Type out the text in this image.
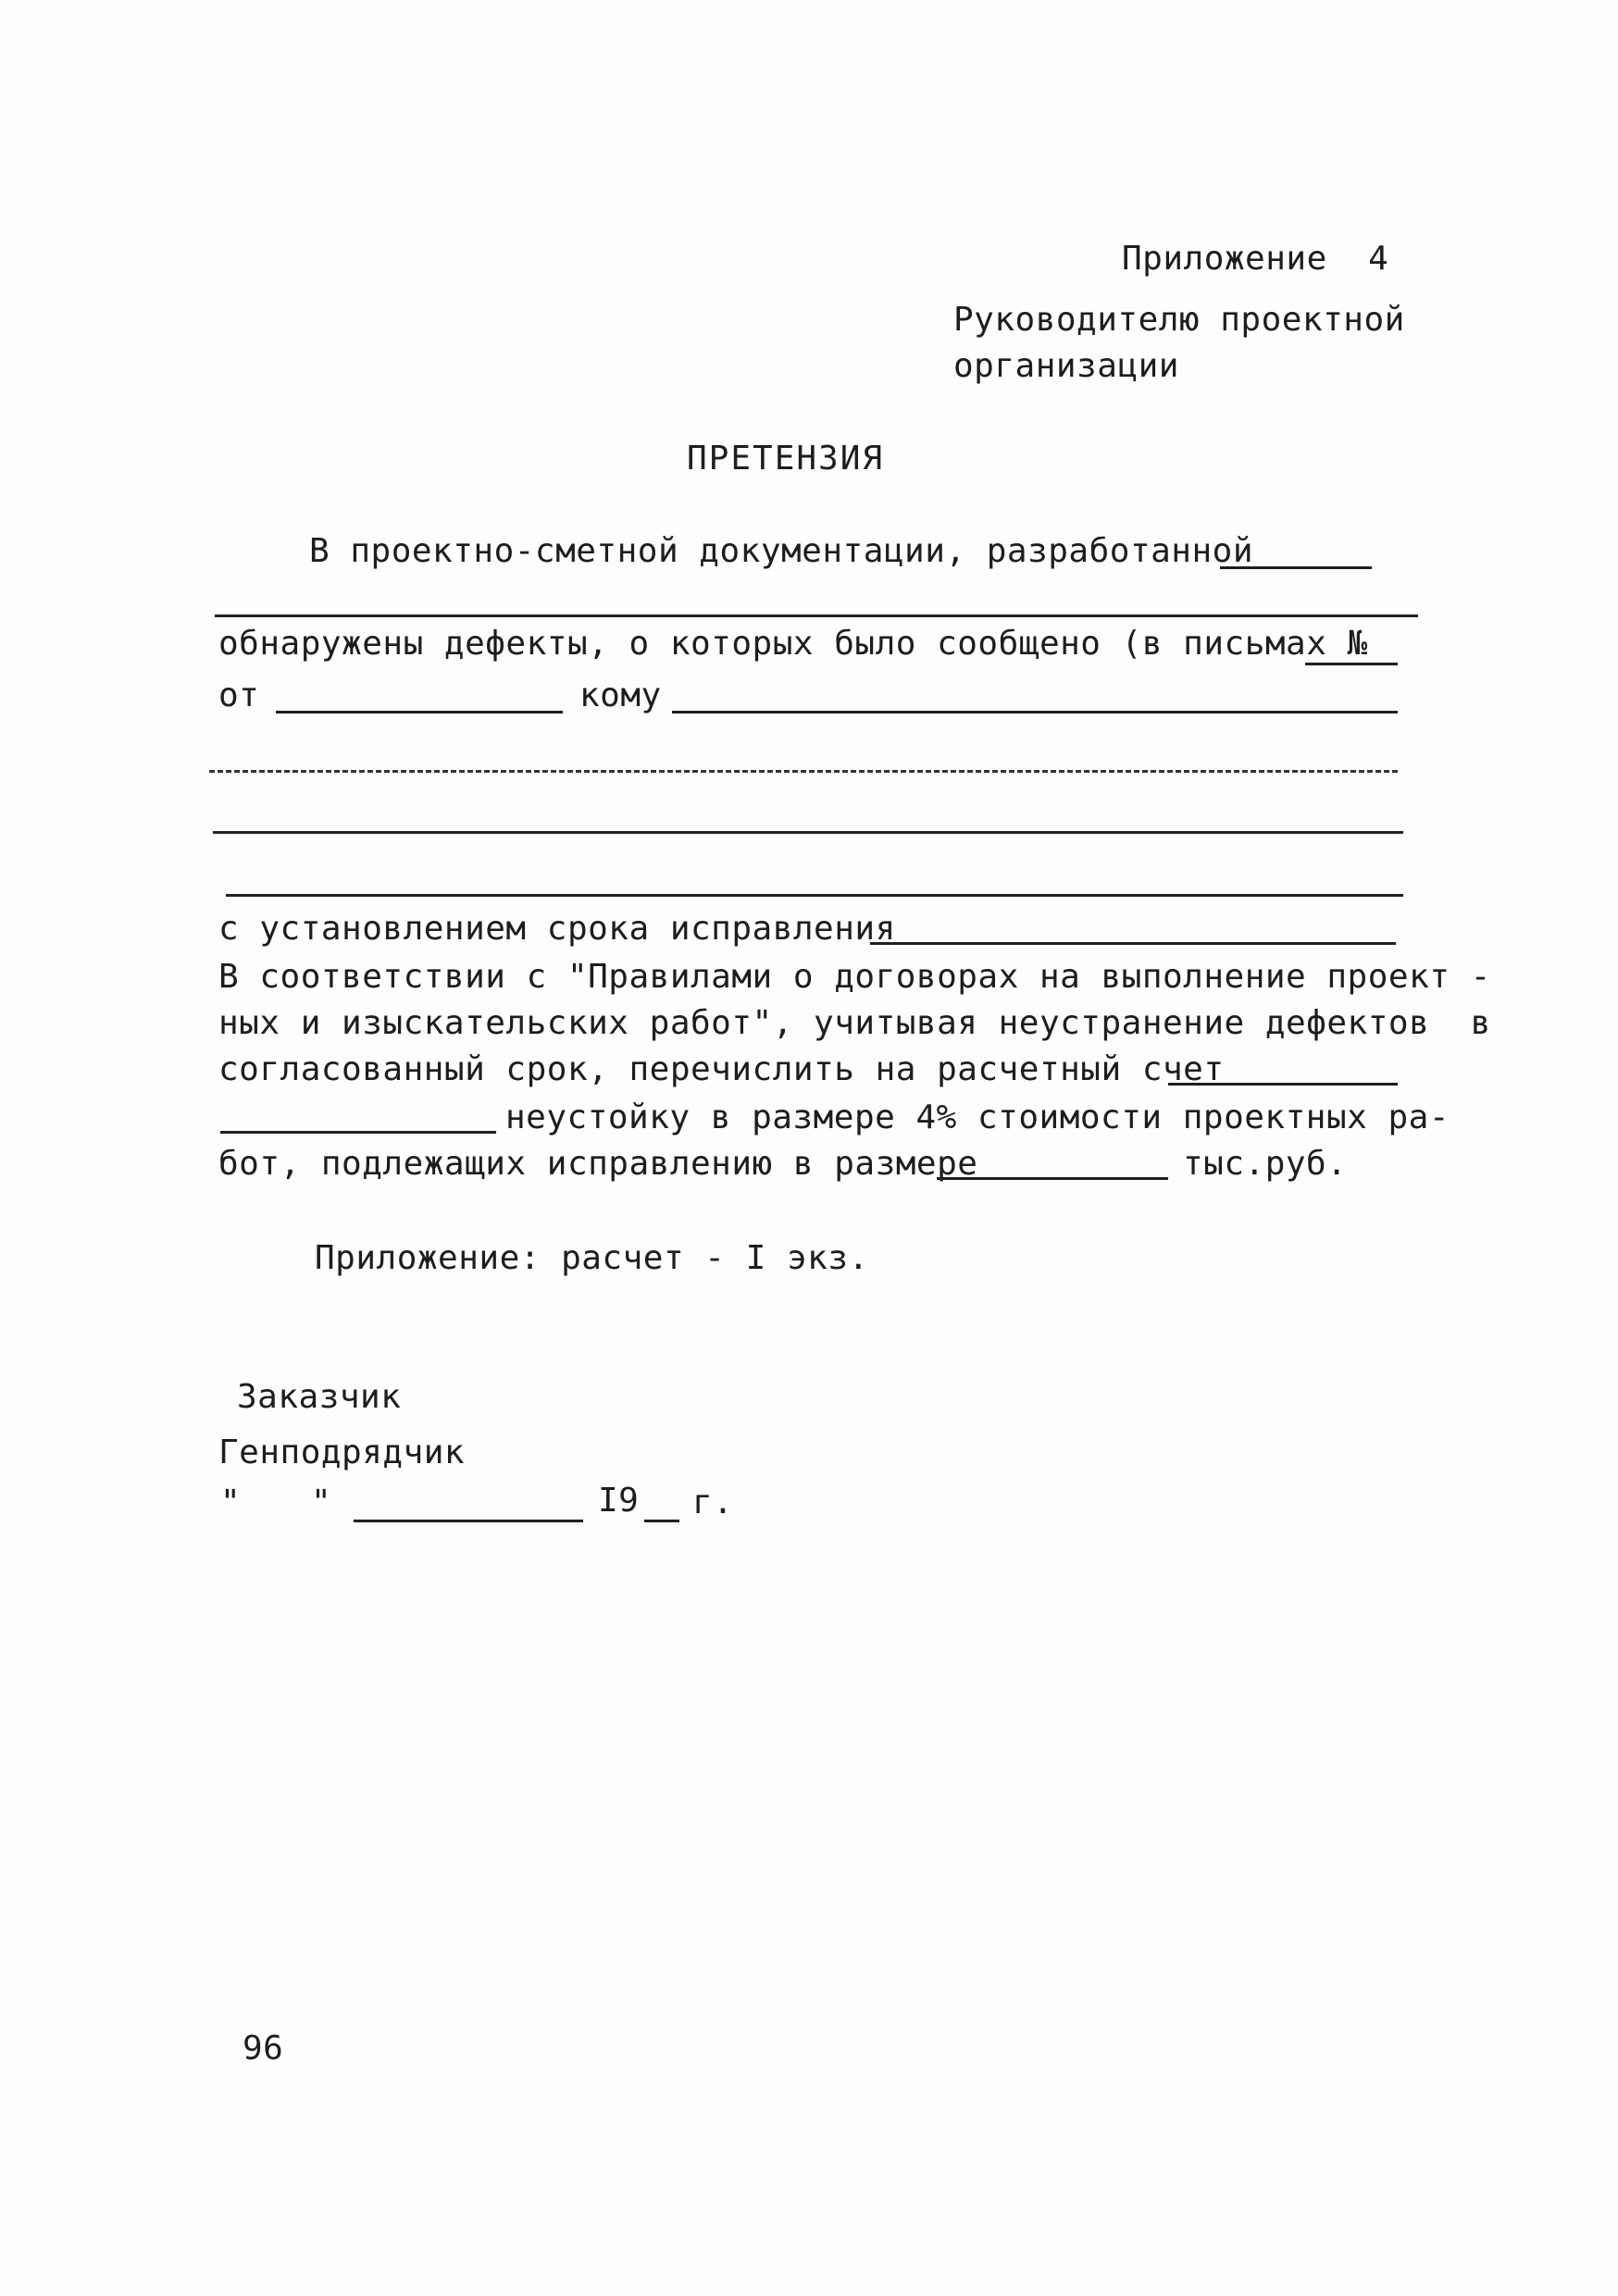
Приложение  4
Руководителю проектной
организации
ПРЕТЕНЗИЯ
В проектно-сметной документации, разработанной
обнаружены дефекты, о которых было сообщено (в письмах №
от	кому
с установлением срока исправления
В соответствии с "Правилами о договорах на выполнение проект -
ных и изыскательских работ", учитывая неустранение дефектов  в
согласованный срок, перечислить на расчетный счет
неустойку в размере 4% стоимости проектных ра-
бот, подлежащих исправлению в размере	тыс.руб.
Приложение: расчет - I экз.
Заказчик
Генподрядчик
" "	I9 г.
96
